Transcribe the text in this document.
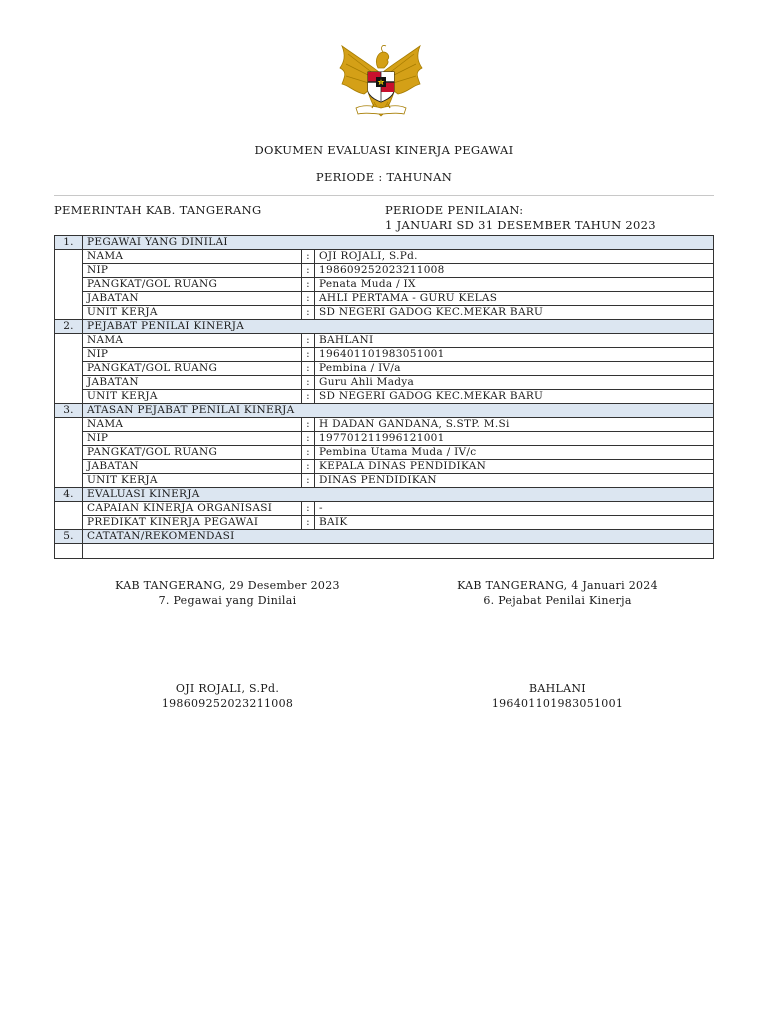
DOKUMEN EVALUASI KINERJA PEGAWAI
PERIODE : TAHUNAN
PEMERINTAH KAB. TANGERANG	PERIODE PENILAIAN:
1 JANUARI SD 31 DESEMBER TAHUN 2023
1.	PEGAWAI YANG DINILAI		
	NAMA	:	OJI ROJALI, S.Pd.
	NIP	:	198609252023211008
	PANGKAT/GOL RUANG	:	Penata Muda / IX
	JABATAN	:	AHLI PERTAMA - GURU KELAS
	UNIT KERJA	:	SD NEGERI GADOG KEC.MEKAR BARU
2.	PEJABAT PENILAI KINERJA		
	NAMA	:	BAHLANI
	NIP	:	196401101983051001
	PANGKAT/GOL RUANG	:	Pembina / IV/a
	JABATAN	:	Guru Ahli Madya
	UNIT KERJA	:	SD NEGERI GADOG KEC.MEKAR BARU
3.	ATASAN PEJABAT PENILAI KINERJA		
	NAMA	:	H DADAN GANDANA, S.STP. M.Si
	NIP	:	197701211996121001
	PANGKAT/GOL RUANG	:	Pembina Utama Muda / IV/c
	JABATAN	:	KEPALA DINAS PENDIDIKAN
	UNIT KERJA	:	DINAS PENDIDIKAN
4.	EVALUASI KINERJA		
	CAPAIAN KINERJA ORGANISASI	:	-
	PREDIKAT KINERJA PEGAWAI	:	BAIK
5.	CATATAN/REKOMENDASI		

KAB TANGERANG, 29 Desember 2023
7. Pegawai yang Dinilai
KAB TANGERANG, 4 Januari 2024
6. Pejabat Penilai Kinerja
OJI ROJALI, S.Pd.
198609252023211008
BAHLANI
196401101983051001
